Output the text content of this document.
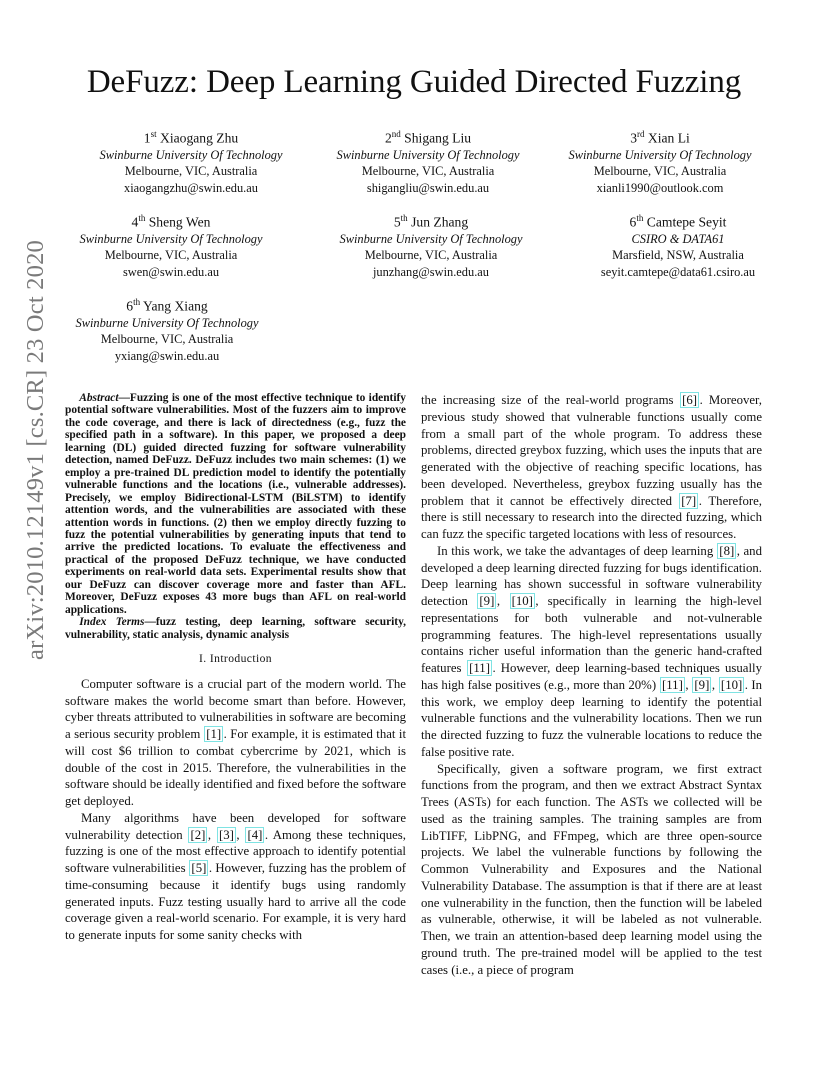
arXiv:2010.12149v1 [cs.CR] 23 Oct 2020
DeFuzz: Deep Learning Guided Directed Fuzzing
1st Xiaogang Zhu
Swinburne University Of Technology
Melbourne, VIC, Australia
xiaogangzhu@swin.edu.au
2nd Shigang Liu
Swinburne University Of Technology
Melbourne, VIC, Australia
shigangliu@swin.edu.au
3rd Xian Li
Swinburne University Of Technology
Melbourne, VIC, Australia
xianli1990@outlook.com
4th Sheng Wen
Swinburne University Of Technology
Melbourne, VIC, Australia
swen@swin.edu.au
5th Jun Zhang
Swinburne University Of Technology
Melbourne, VIC, Australia
junzhang@swin.edu.au
6th Camtepe Seyit
CSIRO & DATA61
Marsfield, NSW, Australia
seyit.camtepe@data61.csiro.au
6th Yang Xiang
Swinburne University Of Technology
Melbourne, VIC, Australia
yxiang@swin.edu.au

Abstract—Fuzzing is one of the most effective technique to identify potential software vulnerabilities. Most of the fuzzers aim to improve the code coverage, and there is lack of directedness (e.g., fuzz the specified path in a software). In this paper, we proposed a deep learning (DL) guided directed fuzzing for software vulnerability detection, named DeFuzz. DeFuzz includes two main schemes: (1) we employ a pre-trained DL prediction model to identify the potentially vulnerable functions and the locations (i.e., vulnerable addresses). Precisely, we employ Bidirectional-LSTM (BiLSTM) to identify attention words, and the vulnerabilities are associated with these attention words in functions. (2) then we employ directly fuzzing to fuzz the potential vulnerabilities by generating inputs that tend to arrive the predicted locations. To evaluate the effectiveness and practical of the proposed DeFuzz technique, we have conducted experiments on real-world data sets. Experimental results show that our DeFuzz can discover coverage more and faster than AFL. Moreover, DeFuzz exposes 43 more bugs than AFL on real-world applications.

Index Terms—fuzz testing, deep learning, software security, vulnerability, static analysis, dynamic analysis

I. Introduction

Computer software is a crucial part of the modern world. The software makes the world become smart than before. However, cyber threats attributed to vulnerabilities in software are becoming a serious security problem [1] . For example, it is estimated that it will cost $6 trillion to combat cybercrime by 2021, which is double of the cost in 2015. Therefore, the vulnerabilities in the software should be ideally identified and fixed before the software get deployed.

Many algorithms have been developed for software vulnerability detection [2] , [3] , [4] . Among these techniques, fuzzing is one of the most effective approach to identify potential software vulnerabilities [5] . However, fuzzing has the problem of time-consuming because it identify bugs using randomly generated inputs. Fuzz testing usually hard to arrive all the code coverage given a real-world scenario. For example, it is very hard to generate inputs for some sanity checks with

the increasing size of the real-world programs [6] . Moreover, previous study showed that vulnerable functions usually come from a small part of the whole program. To address these problems, directed greybox fuzzing, which uses the inputs that are generated with the objective of reaching specific locations, has been developed. Nevertheless, greybox fuzzing usually has the problem that it cannot be effectively directed [7] . Therefore, there is still necessary to research into the directed fuzzing, which can fuzz the specific targeted locations with less of resources.

In this work, we take the advantages of deep learning [8] , and developed a deep learning directed fuzzing for bugs identification. Deep learning has shown successful in software vulnerability detection [9] , [10] , specifically in learning the high-level representations for both vulnerable and not-vulnerable programming features. The high-level representations usually contains richer useful information than the generic hand-crafted features [11] . However, deep learning-based techniques usually has high false positives (e.g., more than 20%) [11] , [9] , [10] . In this work, we employ deep learning to identify the potential vulnerable functions and the vulnerability locations. Then we run the directed fuzzing to fuzz the vulnerable locations to reduce the false positive rate.

Specifically, given a software program, we first extract functions from the program, and then we extract Abstract Syntax Trees (ASTs) for each function. The ASTs we collected will be used as the training samples. The training samples are from LibTIFF, LibPNG, and FFmpeg, which are three open-source projects. We label the vulnerable functions by following the Common Vulnerability and Exposures and the National Vulnerability Database. The assumption is that if there are at least one vulnerability in the function, then the function will be labeled as vulnerable, otherwise, it will be labeled as not vulnerable. Then, we train an attention-based deep learning model using the ground truth. The pre-trained model will be applied to the test cases (i.e., a piece of program
